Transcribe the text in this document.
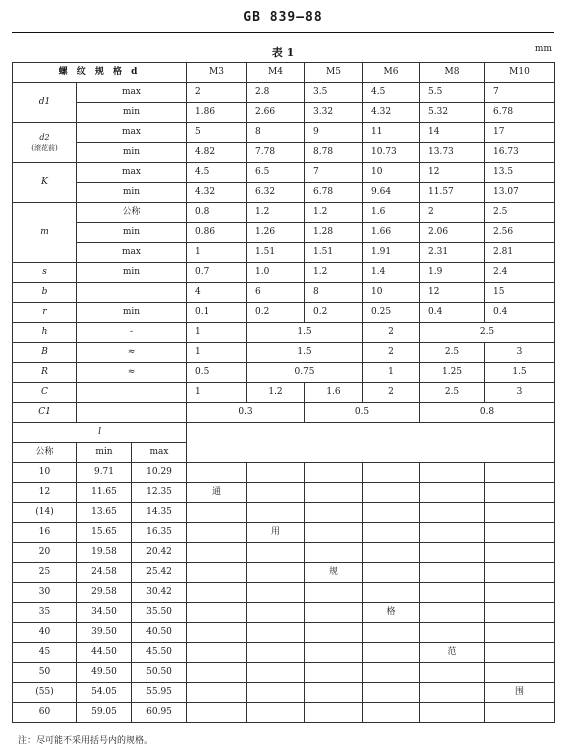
GB 839—88
表 1	mm
螺 纹 规 格 d			M3	M4	M5	M6	M8	M10
d1	max		2	2.8	3.5	4.5	5.5	7
	min		1.86	2.66	3.32	4.32	5.32	6.78

d2
(滚花前)	max		5	8	9	11	14	17
	min		4.82	7.78	8.78	10.73	13.73	16.73
K	max		4.5	6.5	7	10	12	13.5
	min		4.32	6.32	6.78	9.64	11.57	13.07
m	公称		0.8	1.2	1.2	1.6	2	2.5
	min		0.86	1.26	1.28	1.66	2.06	2.56
	max		1	1.51	1.51	1.91	2.31	2.81
s	min		0.7	1.0	1.2	1.4	1.9	2.4
b			4	6	8	10	12	15
r	min		0.1	0.2	0.2	0.25	0.4	0.4
h	-		1	1.5		2	2.5	
B	≈		1	1.5		2	2.5	3
R	≈		0.5	0.75		1	1.25	1.5
C			1	1.2	1.6	2	2.5	3
C1			0.3		0.5		0.8	
l								
公称	min	max						
10	9.71	10.29						
12	11.65	12.35	通					
(14)	13.65	14.35						
16	15.65	16.35		用				
20	19.58	20.42						
25	24.58	25.42			规			
30	29.58	30.42						
35	34.50	35.50				格		
40	39.50	40.50						
45	44.50	45.50					范	
50	49.50	50.50						
(55)	54.05	55.95						围
60	59.05	60.95						
注：尽可能不采用括号内的规格。
